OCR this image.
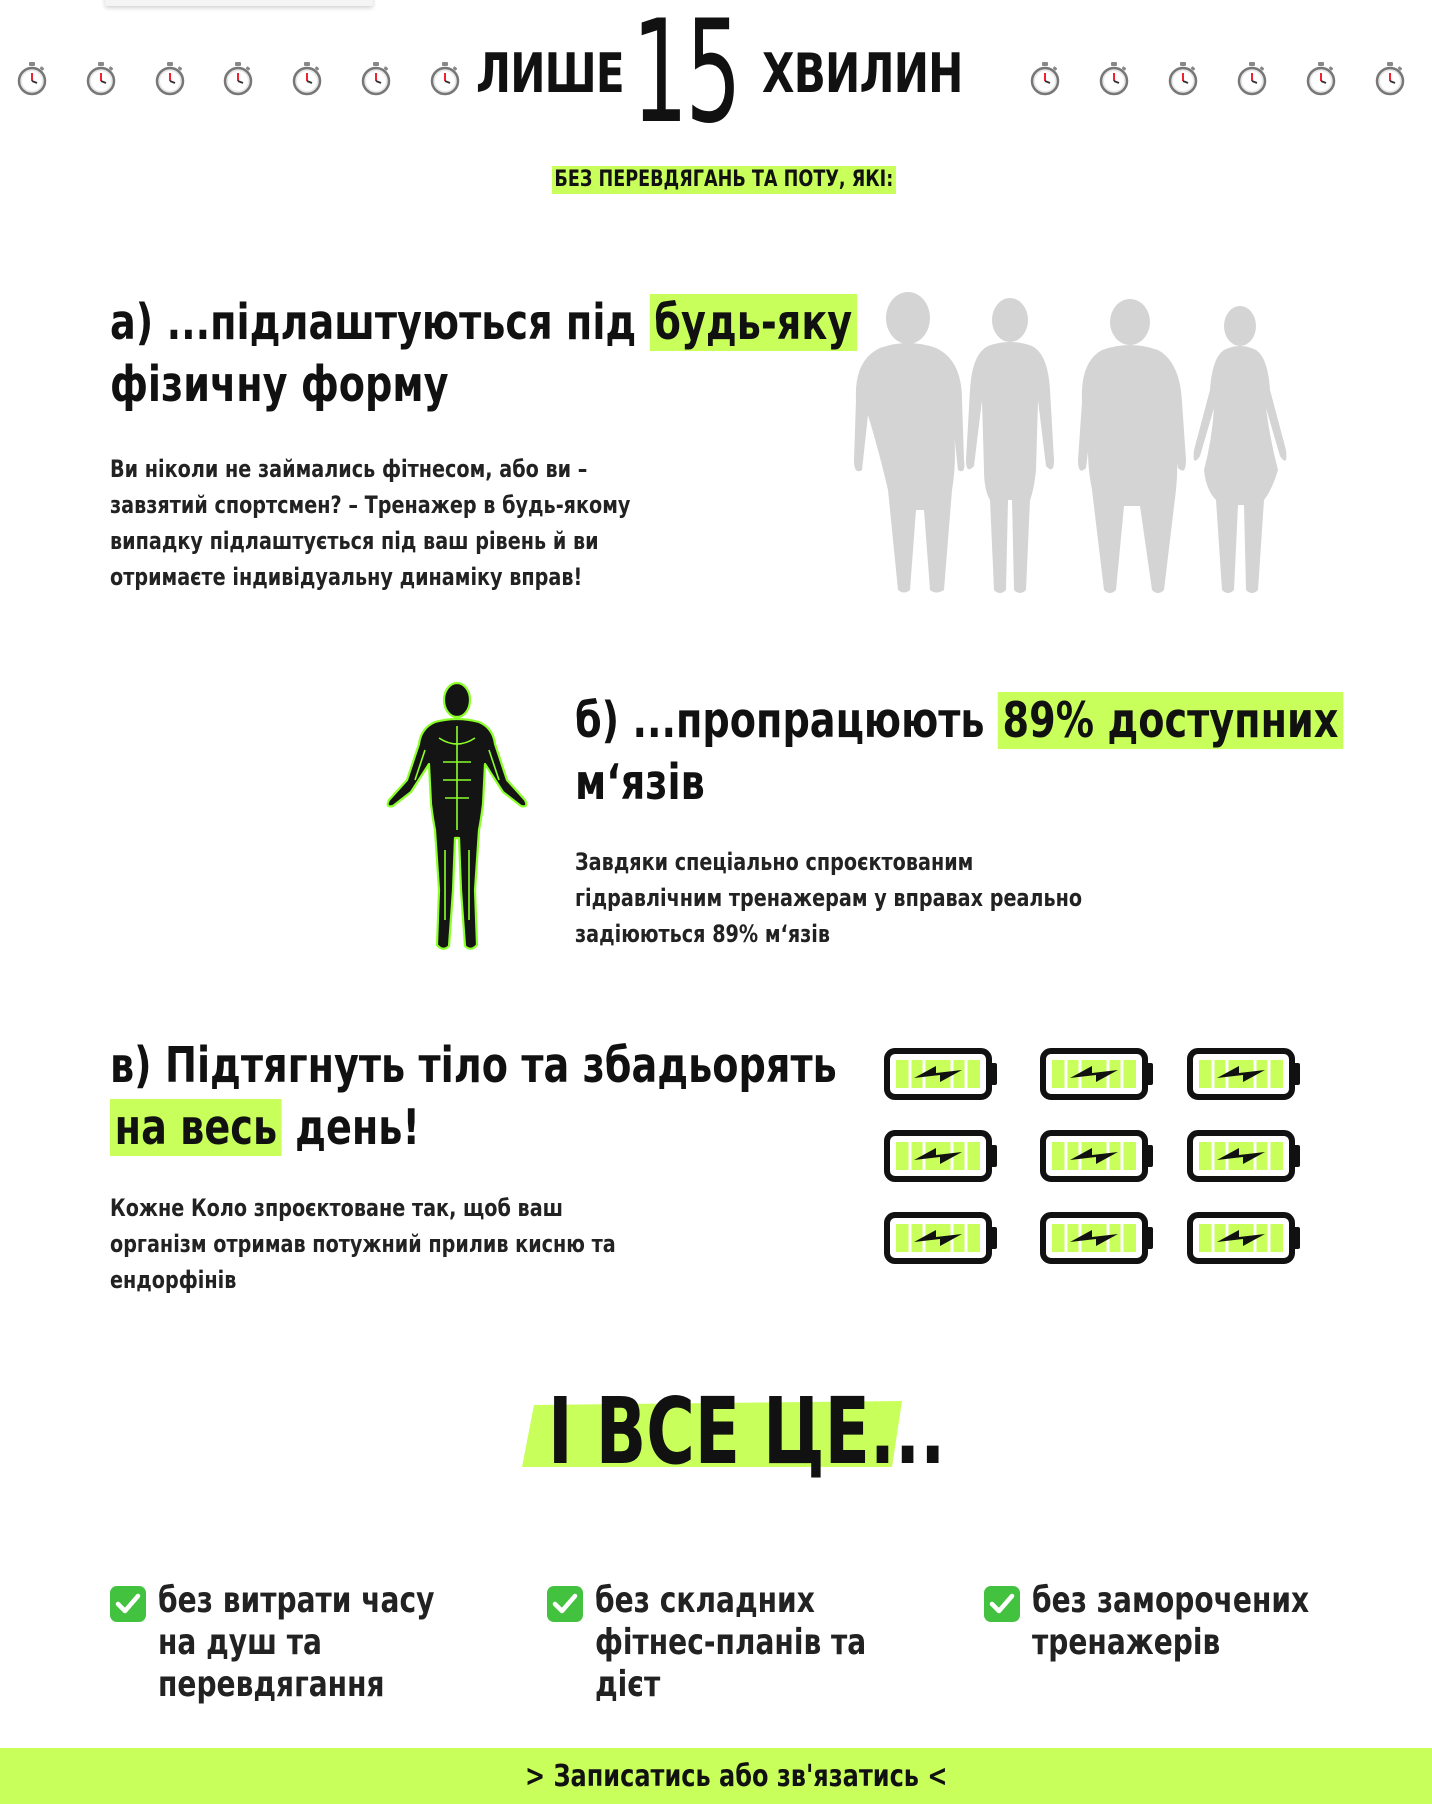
ЛИШЕ 15 ХВИЛИН
БЕЗ ПЕРЕВДЯГАНЬ ТА ПОТУ, ЯКІ:
а) ...підлаштуються під будь-яку
фізичну форму
Ви ніколи не займались фітнесом, або ви –
завзятий спортсмен? – Тренажер в будь-якому
випадку підлаштується під ваш рівень й ви
отримаєте індивідуальну динаміку вправ!
б) ...пропрацюють 89% доступних
м‘язів
Завдяки спеціально спроєктованим
гідравлічним тренажерам у вправах реально
задіюються 89% м‘язів
в) Підтягнуть тіло та збадьорять
на весь день!
Кожне Коло зпроєктоване так, щоб ваш
організм отримав потужний прилив кисню та
ендорфінів
І ВСЕ ЦЕ...
без витрати часу
на душ та
перевдягання
без складних
фітнес-планів та
дієт
без заморочених
тренажерів
> Записатись або зв'язатись <
